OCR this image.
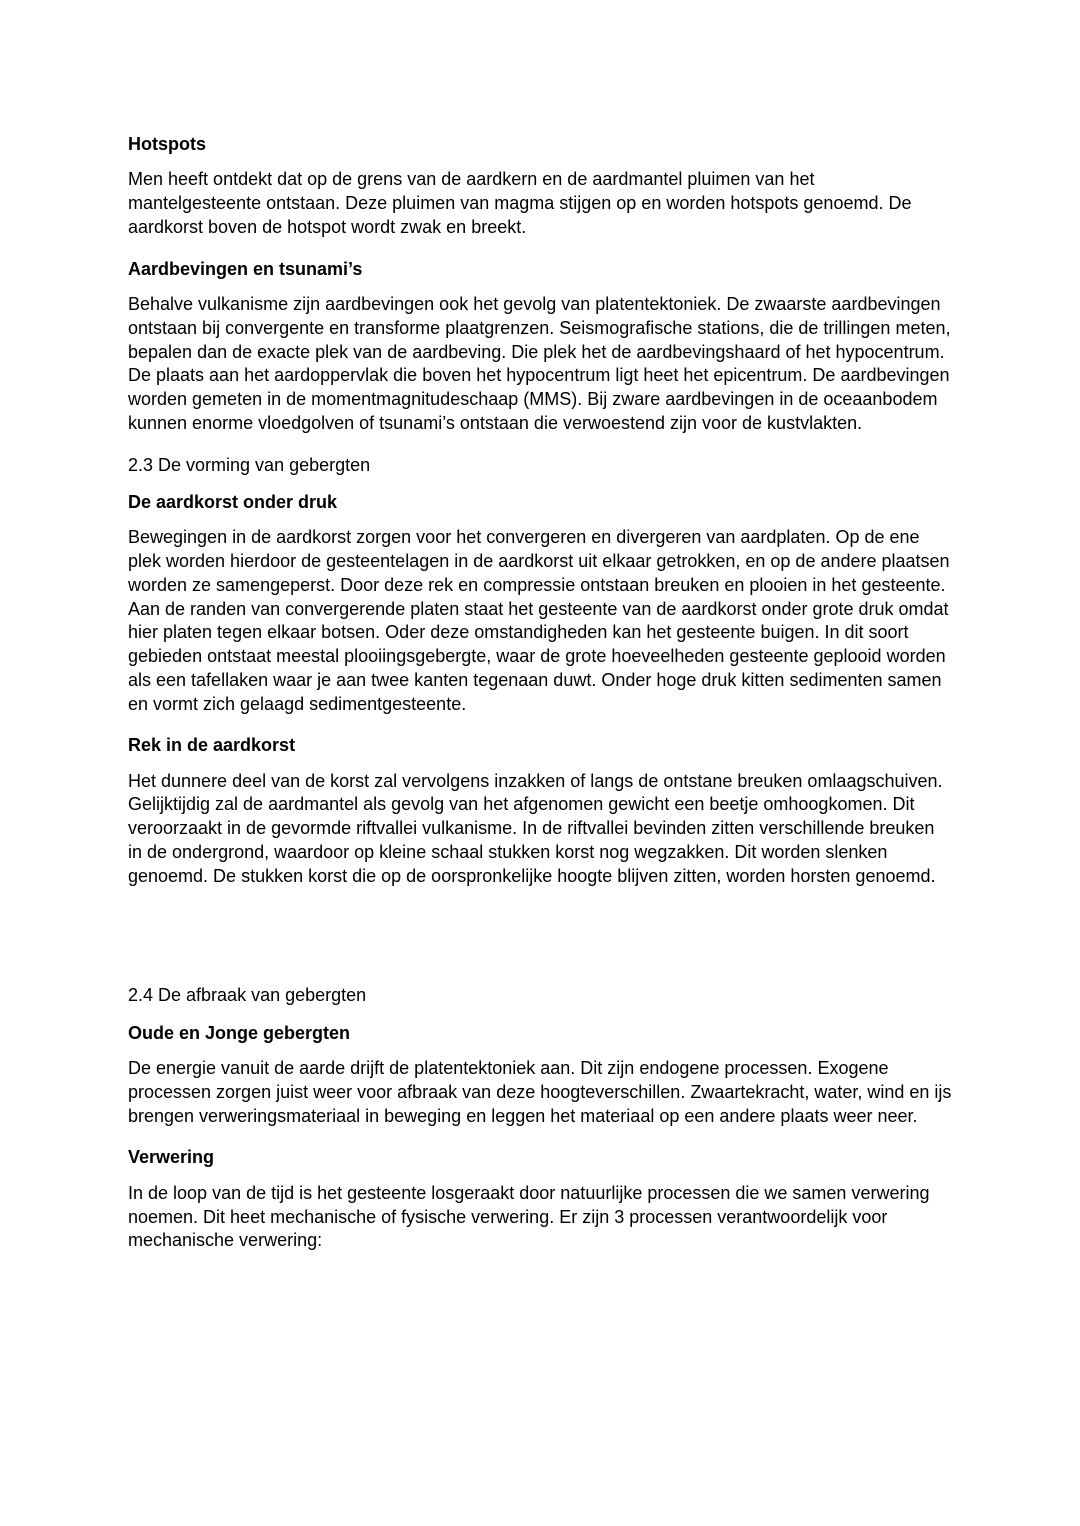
Hotspots

Men heeft ontdekt dat op de grens van de aardkern en de aardmantel pluimen van het mantelgesteente ontstaan. Deze pluimen van magma stijgen op en worden hotspots genoemd. De aardkorst boven de hotspot wordt zwak en breekt.

Aardbevingen en tsunami’s

Behalve vulkanisme zijn aardbevingen ook het gevolg van platentektoniek. De zwaarste aardbevingen ontstaan bij convergente en transforme plaatgrenzen. Seismografische stations, die de trillingen meten, bepalen dan de exacte plek van de aardbeving. Die plek het de aardbevingshaard of het hypocentrum. De plaats aan het aardoppervlak die boven het hypocentrum ligt heet het epicentrum. De aardbevingen worden gemeten in de momentmagnitudeschaap (MMS). Bij zware aardbevingen in de oceaanbodem kunnen enorme vloedgolven of tsunami’s ontstaan die verwoestend zijn voor de kustvlakten.

2.3 De vorming van gebergten

De aardkorst onder druk

Bewegingen in de aardkorst zorgen voor het convergeren en divergeren van aardplaten. Op de ene plek worden hierdoor de gesteentelagen in de aardkorst uit elkaar getrokken, en op de andere plaatsen worden ze samengeperst. Door deze rek en compressie ontstaan breuken en plooien in het gesteente. Aan de randen van convergerende platen staat het gesteente van de aardkorst onder grote druk omdat hier platen tegen elkaar botsen. Oder deze omstandigheden kan het gesteente buigen. In dit soort gebieden ontstaat meestal plooiingsgebergte, waar de grote hoeveelheden gesteente geplooid worden als een tafellaken waar je aan twee kanten tegenaan duwt. Onder hoge druk kitten sedimenten samen en vormt zich gelaagd sedimentgesteente.

Rek in de aardkorst

Het dunnere deel van de korst zal vervolgens inzakken of langs de ontstane breuken omlaagschuiven. Gelijktijdig zal de aardmantel als gevolg van het afgenomen gewicht een beetje omhoogkomen. Dit veroorzaakt in de gevormde riftvallei vulkanisme. In de riftvallei bevinden zitten verschillende breuken in de ondergrond, waardoor op kleine schaal stukken korst nog wegzakken. Dit worden slenken genoemd. De stukken korst die op de oorspronkelijke hoogte blijven zitten, worden horsten genoemd.

2.4 De afbraak van gebergten

Oude en Jonge gebergten

De energie vanuit de aarde drijft de platentektoniek aan. Dit zijn endogene processen. Exogene processen zorgen juist weer voor afbraak van deze hoogteverschillen. Zwaartekracht, water, wind en ijs brengen verweringsmateriaal in beweging en leggen het materiaal op een andere plaats weer neer.

Verwering

In de loop van de tijd is het gesteente losgeraakt door natuurlijke processen die we samen verwering noemen. Dit heet mechanische of fysische verwering. Er zijn 3 processen verantwoordelijk voor mechanische verwering:
